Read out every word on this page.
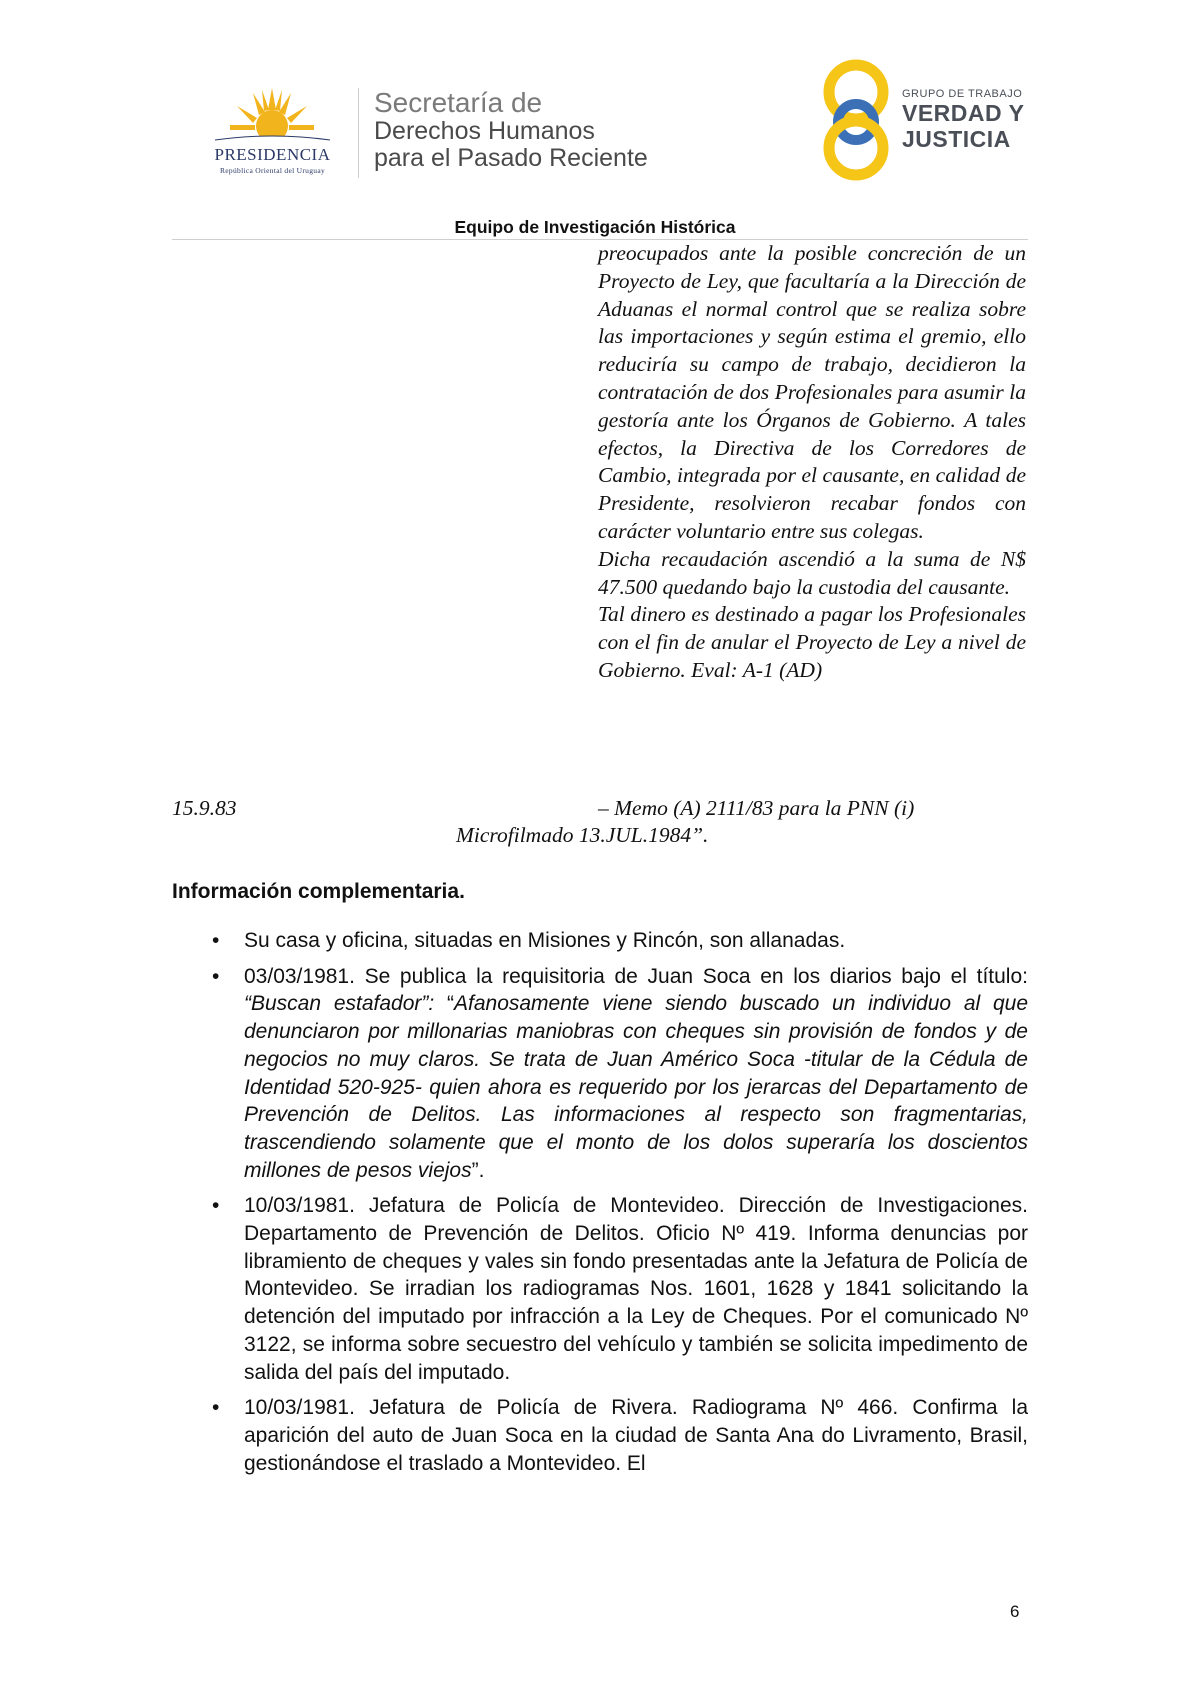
PRESIDENCIA
República Oriental del Uruguay
Secretaría de
Derechos Humanos
para el Pasado Reciente
GRUPO DE TRABAJO
VERDAD Y
JUSTICIA
Equipo de Investigación Histórica

preocupados ante la posible concreción de un Proyecto de Ley, que facultaría a la Dirección de Aduanas el normal control que se realiza sobre las importaciones y según estima el gremio, ello reduciría su campo de trabajo, decidieron la contratación de dos Profesionales para asumir la gestoría ante los Órganos de Gobierno. A tales efectos, la Directiva de los Corredores de Cambio, integrada por el causante, en calidad de Presidente, resolvieron recabar fondos con carácter voluntario entre sus colegas.

Dicha recaudación ascendió a la suma de N$ 47.500 quedando bajo la custodia del causante.

Tal dinero es destinado a pagar los Profesionales con el fin de anular el Proyecto de Ley a nivel de Gobierno. Eval: A-1 (AD)

15.9.83	– Memo (A) 2111/83 para la PNN (i)
Microfilmado 13.JUL.1984”.
Información complementaria.
• Su casa y oficina, situadas en Misiones y Rincón, son allanadas.
• 03/03/1981. Se publica la requisitoria de Juan Soca en los diarios bajo el título: “Buscan estafador”: “Afanosamente viene siendo buscado un individuo al que denunciaron por millonarias maniobras con cheques sin provisión de fondos y de negocios no muy claros. Se trata de Juan Américo Soca -titular de la Cédula de Identidad 520-925- quien ahora es requerido por los jerarcas del Departamento de Prevención de Delitos. Las informaciones al respecto son fragmentarias, trascendiendo solamente que el monto de los dolos superaría los doscientos millones de pesos viejos”.
• 10/03/1981. Jefatura de Policía de Montevideo. Dirección de Investigaciones. Departamento de Prevención de Delitos. Oficio Nº 419. Informa denuncias por libramiento de cheques y vales sin fondo presentadas ante la Jefatura de Policía de Montevideo. Se irradian los radiogramas Nos. 1601, 1628 y 1841 solicitando la detención del imputado por infracción a la Ley de Cheques. Por el comunicado Nº 3122, se informa sobre secuestro del vehículo y también se solicita impedimento de salida del país del imputado.
• 10/03/1981. Jefatura de Policía de Rivera. Radiograma Nº 466. Confirma la aparición del auto de Juan Soca en la ciudad de Santa Ana do Livramento, Brasil, gestionándose el traslado a Montevideo. El
6
